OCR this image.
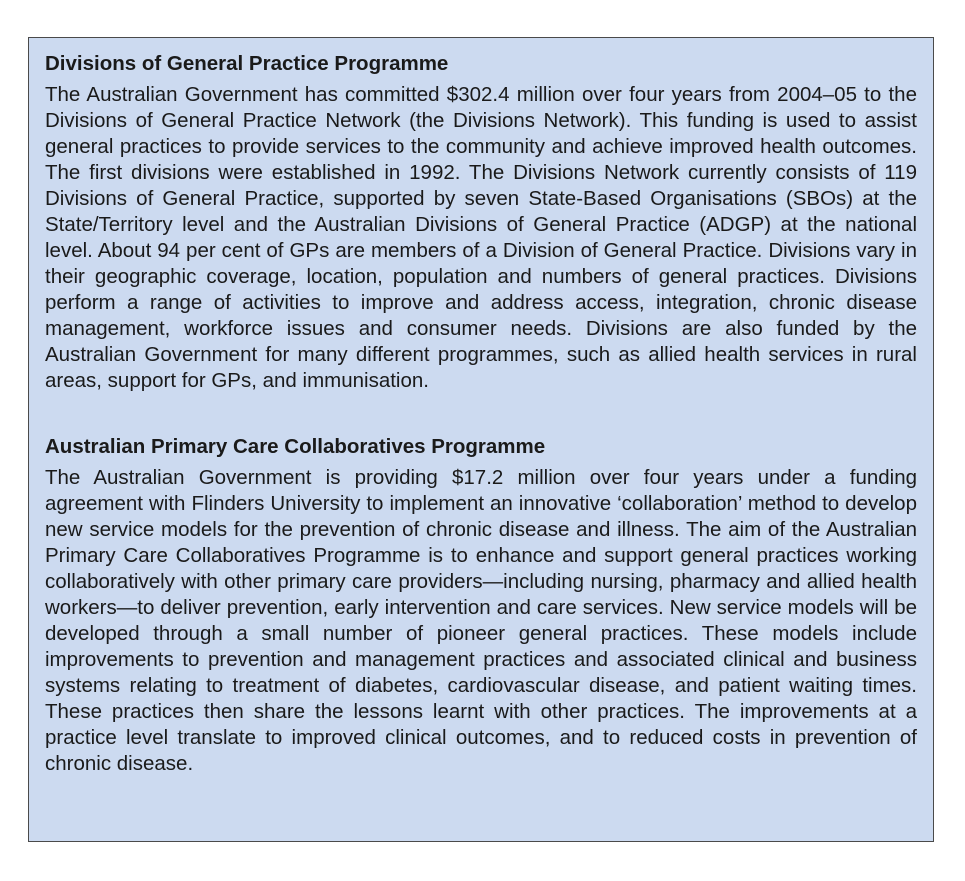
Divisions of General Practice Programme

The Australian Government has committed $302.4 million over four years from 2004–05 to the Divisions of General Practice Network (the Divisions Network). This funding is used to assist general practices to provide services to the community and achieve improved health outcomes. The first divisions were established in 1992. The Divisions Network currently consists of 119 Divisions of General Practice, supported by seven State-Based Organisations (SBOs) at the State/Territory level and the Australian Divisions of General Practice (ADGP) at the national level. About 94 per cent of GPs are members of a Division of General Practice. Divisions vary in their geographic coverage, location, population and numbers of general practices. Divisions perform a range of activities to improve and address access, integration, chronic disease management, workforce issues and consumer needs. Divisions are also funded by the Australian Government for many different programmes, such as allied health services in rural areas, support for GPs, and immunisation.

Australian Primary Care Collaboratives Programme

The Australian Government is providing $17.2 million over four years under a funding agreement with Flinders University to implement an innovative ‘collaboration’ method to develop new service models for the prevention of chronic disease and illness. The aim of the Australian Primary Care Collaboratives Programme is to enhance and support general practices working collaboratively with other primary care providers—including nursing, pharmacy and allied health workers—to deliver prevention, early intervention and care services. New service models will be developed through a small number of pioneer general practices. These models include improvements to prevention and management practices and associated clinical and business systems relating to treatment of diabetes, cardiovascular disease, and patient waiting times. These practices then share the lessons learnt with other practices. The improvements at a practice level translate to improved clinical outcomes, and to reduced costs in prevention of chronic disease.
